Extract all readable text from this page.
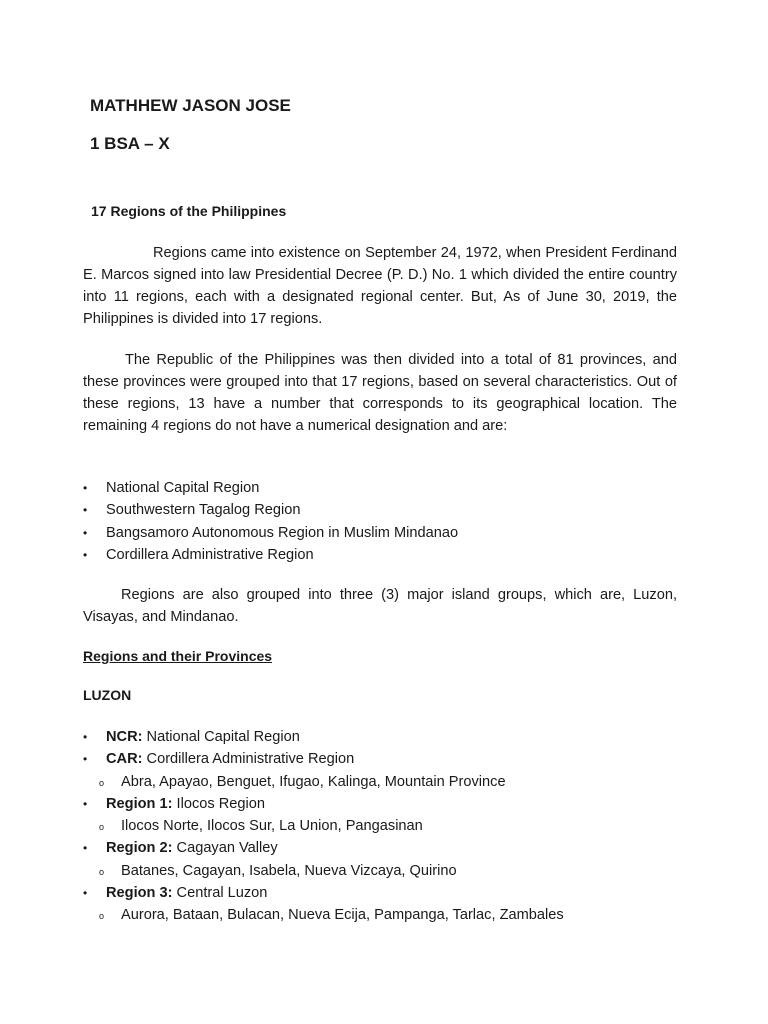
MATHHEW JASON JOSE
1 BSA – X
17 Regions of the Philippines
Regions came into existence on September 24, 1972, when President Ferdinand E. Marcos signed into law Presidential Decree (P. D.) No. 1 which divided the entire country into 11 regions, each with a designated regional center. But, As of June 30, 2019, the Philippines is divided into 17 regions.
The Republic of the Philippines was then divided into a total of 81 provinces, and these provinces were grouped into that 17 regions, based on several characteristics. Out of these regions, 13 have a number that corresponds to its geographical location. The remaining 4 regions do not have a numerical designation and are:
• National Capital Region
• Southwestern Tagalog Region
• Bangsamoro Autonomous Region in Muslim Mindanao
• Cordillera Administrative Region
Regions are also grouped into three (3) major island groups, which are, Luzon, Visayas, and Mindanao.
Regions and their Provinces
LUZON
• NCR: National Capital Region
• CAR: Cordillera Administrative Region
o Abra, Apayao, Benguet, Ifugao, Kalinga, Mountain Province
• Region 1: Ilocos Region
o Ilocos Norte, Ilocos Sur, La Union, Pangasinan
• Region 2: Cagayan Valley
o Batanes, Cagayan, Isabela, Nueva Vizcaya, Quirino
• Region 3: Central Luzon
o Aurora, Bataan, Bulacan, Nueva Ecija, Pampanga, Tarlac, Zambales
